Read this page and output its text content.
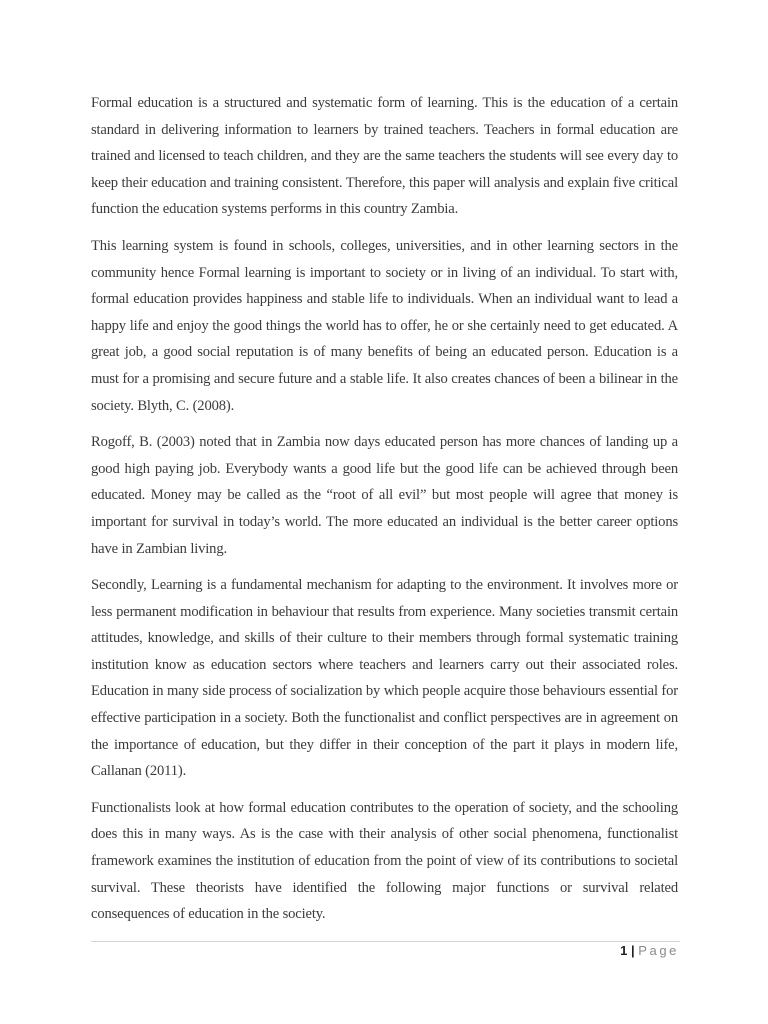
Formal education is a structured and systematic form of learning. This is the education of a certain standard in delivering information to learners by trained teachers. Teachers in formal education are trained and licensed to teach children, and they are the same teachers the students will see every day to keep their education and training consistent. Therefore, this paper will analysis and explain five critical function the education systems performs in this country Zambia.

This learning system is found in schools, colleges, universities, and in other learning sectors in the community hence Formal learning is important to society or in living of an individual. To start with, formal education provides happiness and stable life to individuals. When an individual want to lead a happy life and enjoy the good things the world has to offer, he or she certainly need to get educated. A great job, a good social reputation is of many benefits of being an educated person. Education is a must for a promising and secure future and a stable life. It also creates chances of been a bilinear in the society. Blyth, C. (2008).

Rogoff, B. (2003) noted that in Zambia now days educated person has more chances of landing up a good high paying job. Everybody wants a good life but the good life can be achieved through been educated. Money may be called as the “root of all evil” but most people will agree that money is important for survival in today’s world. The more educated an individual is the better career options have in Zambian living.

Secondly, Learning is a fundamental mechanism for adapting to the environment. It involves more or less permanent modification in behaviour that results from experience. Many societies transmit certain attitudes, knowledge, and skills of their culture to their members through formal systematic training institution know as education sectors where teachers and learners carry out their associated roles. Education in many side process of socialization by which people acquire those behaviours essential for effective participation in a society. Both the functionalist and conflict perspectives are in agreement on the importance of education, but they differ in their conception of the part it plays in modern life, Callanan (2011).

Functionalists look at how formal education contributes to the operation of society, and the schooling does this in many ways. As is the case with their analysis of other social phenomena, functionalist framework examines the institution of education from the point of view of its contributions to societal survival. These theorists have identified the following major functions or survival related consequences of education in the society.

1 | Page
